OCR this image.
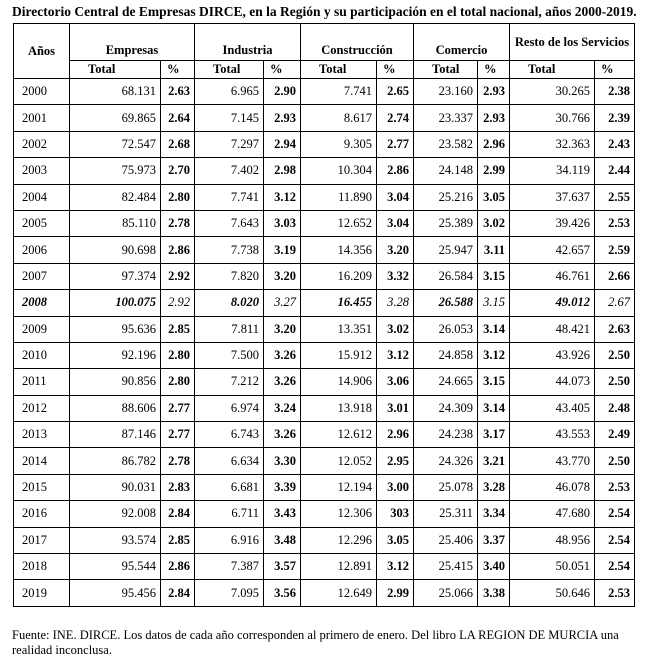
Directorio Central de Empresas DIRCE, en la Región y su participación en el total nacional, años 2000-2019.
Años	Empresas		Industria		Construcción		Comercio		Resto de los Servicios	
	Total	%	Total	%	Total	%	Total	%	Total	%
2000	68.131	2.63	6.965	2.90	7.741	2.65	23.160	2.93	30.265	2.38
2001	69.865	2.64	7.145	2.93	8.617	2.74	23.337	2.93	30.766	2.39
2002	72.547	2.68	7.297	2.94	9.305	2.77	23.582	2.96	32.363	2.43
2003	75.973	2.70	7.402	2.98	10.304	2.86	24.148	2.99	34.119	2.44
2004	82.484	2.80	7.741	3.12	11.890	3.04	25.216	3.05	37.637	2.55
2005	85.110	2.78	7.643	3.03	12.652	3.04	25.389	3.02	39.426	2.53
2006	90.698	2.86	7.738	3.19	14.356	3.20	25.947	3.11	42.657	2.59
2007	97.374	2.92	7.820	3.20	16.209	3.32	26.584	3.15	46.761	2.66
2008	100.075	2.92	8.020	3.27	16.455	3.28	26.588	3.15	49.012	2.67
2009	95.636	2.85	7.811	3.20	13.351	3.02	26.053	3.14	48.421	2.63
2010	92.196	2.80	7.500	3.26	15.912	3.12	24.858	3.12	43.926	2.50
2011	90.856	2.80	7.212	3.26	14.906	3.06	24.665	3.15	44.073	2.50
2012	88.606	2.77	6.974	3.24	13.918	3.01	24.309	3.14	43.405	2.48
2013	87.146	2.77	6.743	3.26	12.612	2.96	24.238	3.17	43.553	2.49
2014	86.782	2.78	6.634	3.30	12.052	2.95	24.326	3.21	43.770	2.50
2015	90.031	2.83	6.681	3.39	12.194	3.00	25.078	3.28	46.078	2.53
2016	92.008	2.84	6.711	3.43	12.306	303	25.311	3.34	47.680	2.54
2017	93.574	2.85	6.916	3.48	12.296	3.05	25.406	3.37	48.956	2.54
2018	95.544	2.86	7.387	3.57	12.891	3.12	25.415	3.40	50.051	2.54
2019	95.456	2.84	7.095	3.56	12.649	2.99	25.066	3.38	50.646	2.53
Fuente: INE. DIRCE. Los datos de cada año corresponden al primero de enero. Del libro LA REGION DE MURCIA una realidad inconclusa.
